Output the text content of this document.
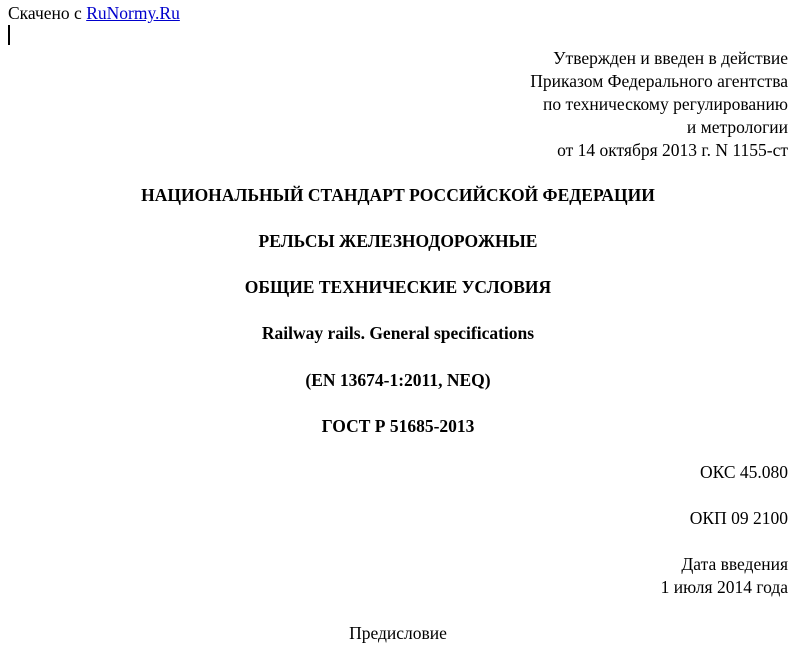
Скачено с RuNormy.Ru
Утвержден и введен в действие
Приказом Федерального агентства
по техническому регулированию
и метрологии
от 14 октября 2013 г. N 1155-ст
НАЦИОНАЛЬНЫЙ СТАНДАРТ РОССИЙСКОЙ ФЕДЕРАЦИИ
РЕЛЬСЫ ЖЕЛЕЗНОДОРОЖНЫЕ
ОБЩИЕ ТЕХНИЧЕСКИЕ УСЛОВИЯ
Railway rails. General specifications
(EN 13674-1:2011, NEQ)
ГОСТ Р 51685-2013
ОКС 45.080
ОКП 09 2100
Дата введения
1 июля 2014 года
Предисловие
